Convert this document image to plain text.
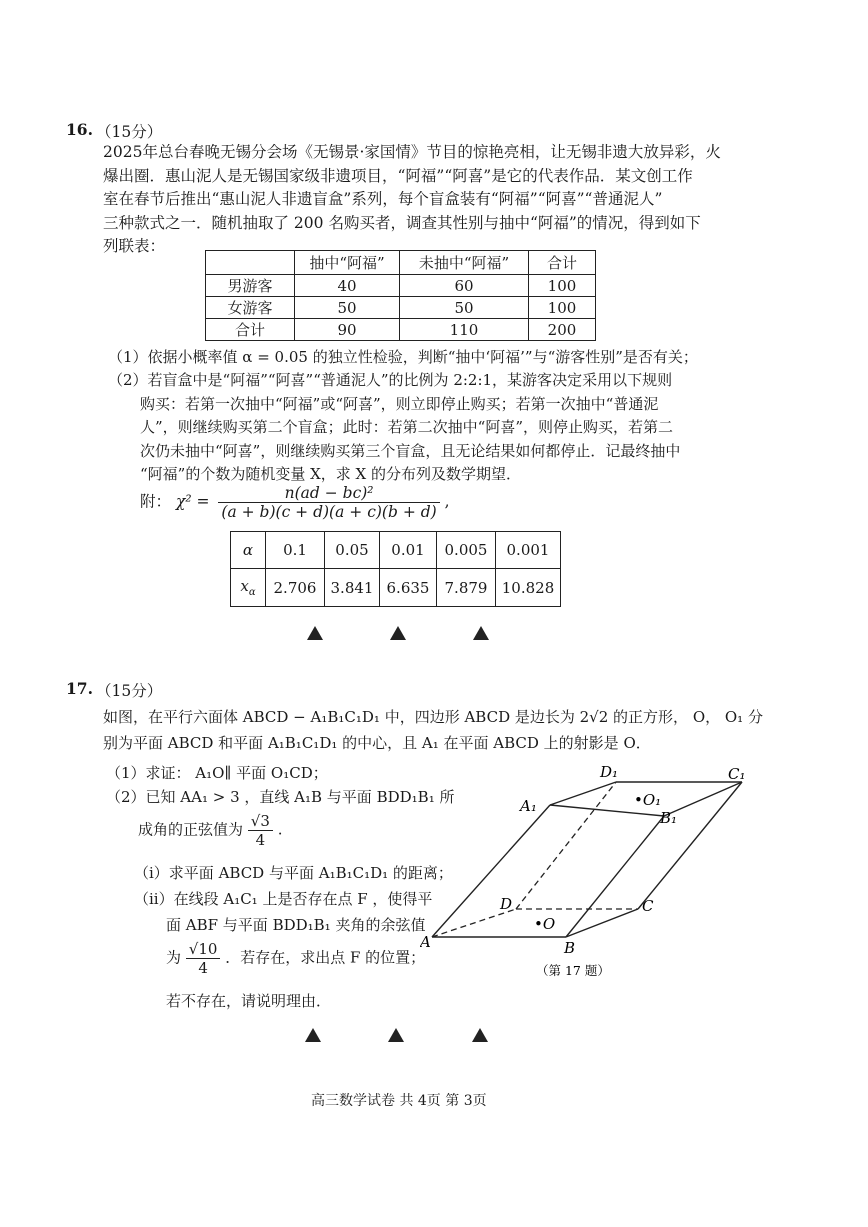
16. （15分）
2025年总台春晚无锡分会场《无锡景·家国情》节目的惊艳亮相，让无锡非遗大放异彩，火
爆出圈．惠山泥人是无锡国家级非遗项目，“阿福”“阿喜”是它的代表作品．某文创工作
室在春节后推出“惠山泥人非遗盲盒”系列，每个盲盒装有“阿福”“阿喜”“普通泥人”
三种款式之一．随机抽取了 200 名购买者，调查其性别与抽中“阿福”的情况，得到如下
列联表：
	抽中“阿福”	未抽中“阿福”	合计
男游客	40	60	100
女游客	50	50	100
合计	90	110	200
（1）依据小概率值 α = 0.05 的独立性检验，判断“抽中‘阿福’”与“游客性别”是否有关；
（2）若盲盒中是“阿福”“阿喜”“普通泥人”的比例为 2:2:1，某游客决定采用以下规则
购买：若第一次抽中“阿福”或“阿喜”，则立即停止购买；若第一次抽中“普通泥
人”，则继续购买第二个盲盒；此时：若第二次抽中“阿喜”，则停止购买，若第二
次仍未抽中“阿喜”，则继续购买第三个盲盒，且无论结果如何都停止．记最终抽中
“阿福”的个数为随机变量 X，求 X 的分布列及数学期望．
附： $\chi^2 = \frac{\text{n(ad − bc)²}}{(a + b)(c + d)(a + c)(b + d)}$ ,
α	0.1	0.05	0.01	0.005	0.001
$x_\alpha$	2.706	3.841	6.635	7.879	10.828
17. （15分）
如图，在平行六面体 ABCD − A₁B₁C₁D₁ 中，四边形 ABCD 是边长为 2√2 的正方形， O， O₁ 分
别为平面 ABCD 和平面 A₁B₁C₁D₁ 的中心，且 A₁ 在平面 ABCD 上的射影是 O．
（1）求证： A₁O∥ 平面 O₁CD；
（2）已知 AA₁ > 3 ，直线 A₁B 与平面 BDD₁B₁ 所
成角的正弦值为 $\frac{√3}{4}$ .
（i）求平面 ABCD 与平面 A₁B₁C₁D₁ 的距离；
（ii）在线段 A₁C₁ 上是否存在点 F ，使得平
面 ABF 与平面 BDD₁B₁ 夹角的余弦值
为 $\frac{√10}{4}$ ．若存在，求出点 F 的位置；
若不存在，请说明理由．
A	B
C
D
•O
A₁
B₁
C₁
D₁
•O₁
（第 17 题）
高三数学试卷 共 4页 第 3页
